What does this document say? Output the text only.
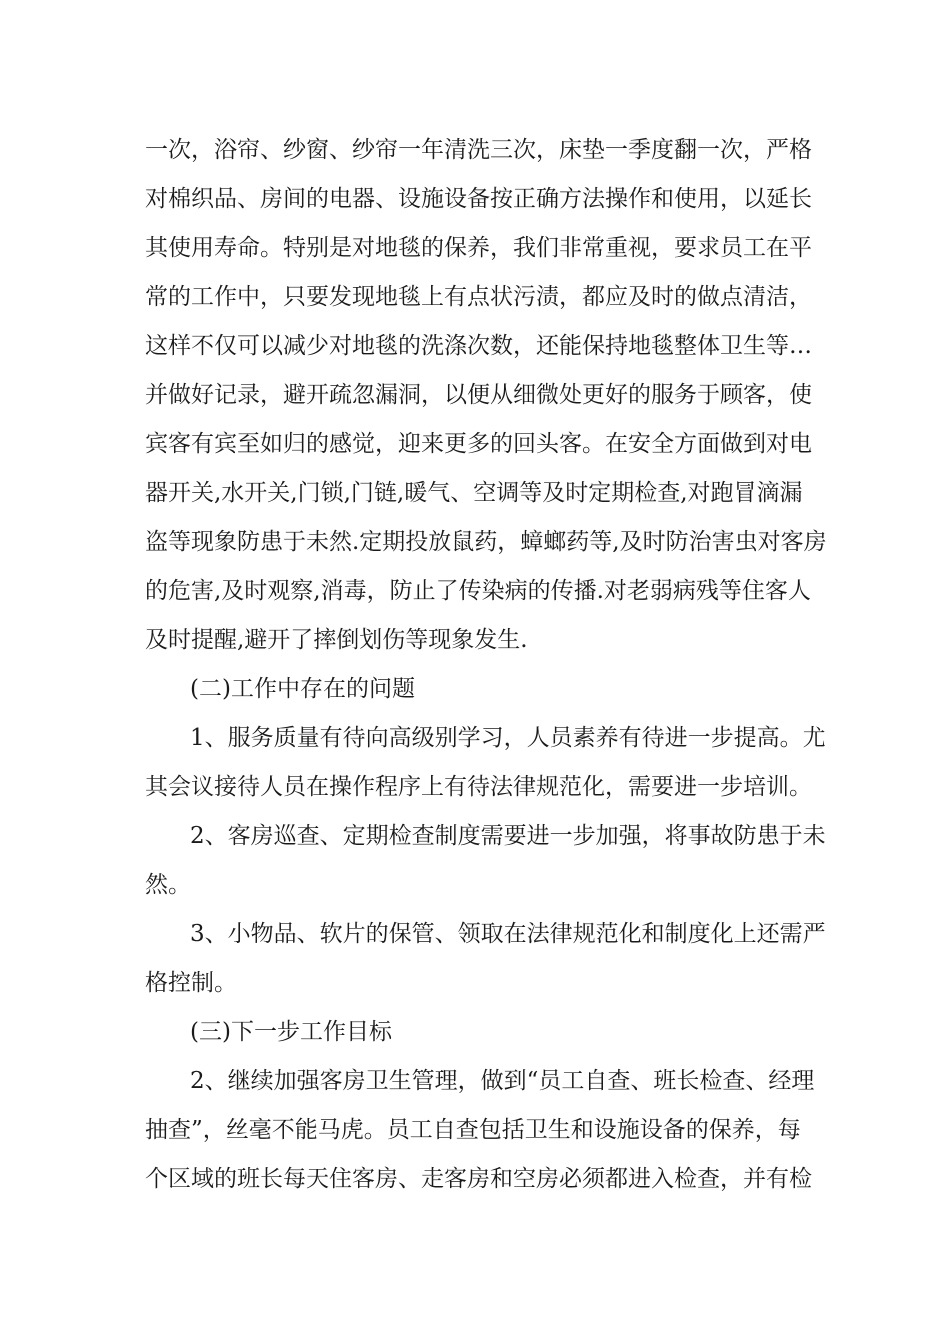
一次，浴帘、纱窗、纱帘一年清洗三次，床垫一季度翻一次，严格
对棉织品、房间的电器、设施设备按正确方法操作和使用，以延长
其使用寿命。特别是对地毯的保养，我们非常重视，要求员工在平
常的工作中，只要发现地毯上有点状污渍，都应及时的做点清洁，
这样不仅可以减少对地毯的洗涤次数，还能保持地毯整体卫生等…
并做好记录，避开疏忽漏洞，以便从细微处更好的服务于顾客，使
宾客有宾至如归的感觉，迎来更多的回头客。在安全方面做到对电
器开关,水开关,门锁,门链,暖气、空调等及时定期检查,对跑冒滴漏
盗等现象防患于未然.定期投放鼠药，蟑螂药等,及时防治害虫对客房
的危害,及时观察,消毒，防止了传染病的传播.对老弱病残等住客人
及时提醒,避开了摔倒划伤等现象发生.
(二)工作中存在的问题
1、服务质量有待向高级别学习，人员素养有待进一步提高。尤
其会议接待人员在操作程序上有待法律规范化，需要进一步培训。
2、客房巡查、定期检查制度需要进一步加强，将事故防患于未
然。
3、小物品、软片的保管、领取在法律规范化和制度化上还需严
格控制。
(三)下一步工作目标
2、继续加强客房卫生管理，做到“员工自查、班长检查、经理
抽查”，丝毫不能马虎。员工自查包括卫生和设施设备的保养，每
个区域的班长每天住客房、走客房和空房必须都进入检查，并有检
